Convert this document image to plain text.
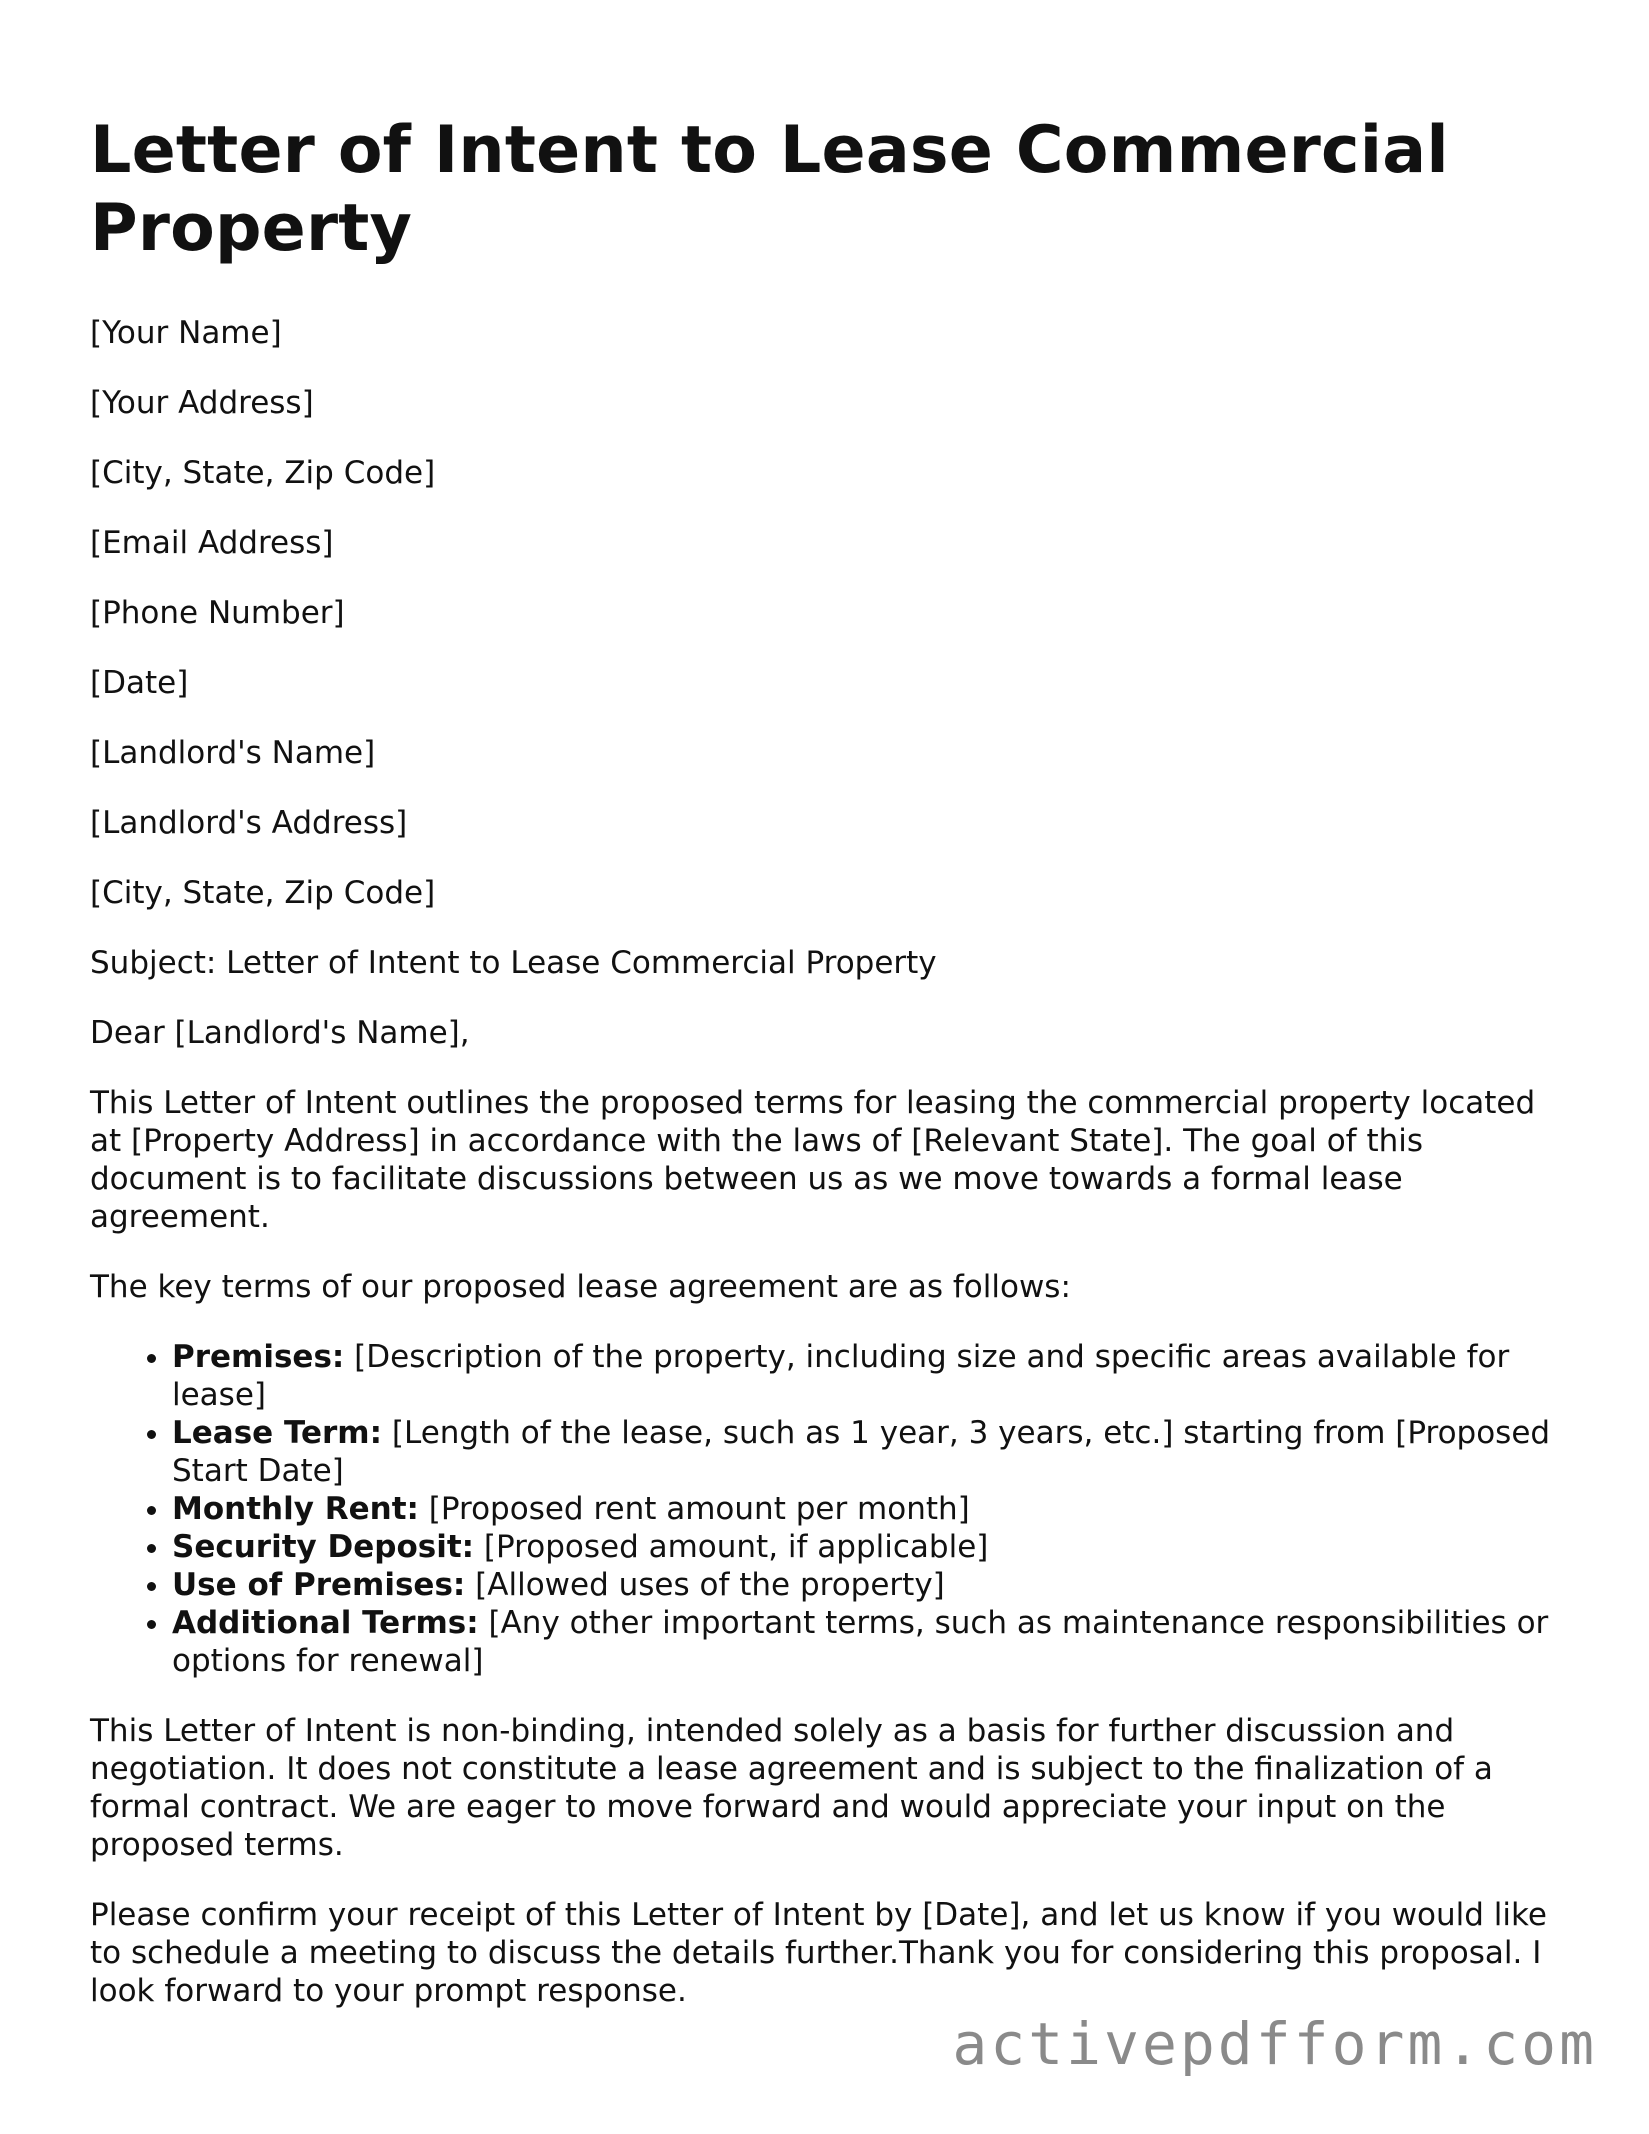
Letter of Intent to Lease Commercial Property
[Your Name]
[Your Address]
[City, State, Zip Code]
[Email Address]
[Phone Number]
[Date]
[Landlord's Name]
[Landlord's Address]
[City, State, Zip Code]
Subject: Letter of Intent to Lease Commercial Property
Dear [Landlord's Name],

This Letter of Intent outlines the proposed terms for leasing the commercial property located at [Property Address] in accordance with the laws of [Relevant State]. The goal of this document is to facilitate discussions between us as we move towards a formal lease agreement.

The key terms of our proposed lease agreement are as follows:

• Premises: [Description of the property, including size and specific areas available for lease]
• Lease Term: [Length of the lease, such as 1 year, 3 years, etc.] starting from [Proposed Start Date]
• Monthly Rent: [Proposed rent amount per month]
• Security Deposit: [Proposed amount, if applicable]
• Use of Premises: [Allowed uses of the property]
• Additional Terms: [Any other important terms, such as maintenance responsibilities or options for renewal]

This Letter of Intent is non-binding, intended solely as a basis for further discussion and negotiation. It does not constitute a lease agreement and is subject to the finalization of a formal contract. We are eager to move forward and would appreciate your input on the proposed terms.

Please confirm your receipt of this Letter of Intent by [Date], and let us know if you would like to schedule a meeting to discuss the details further.Thank you for considering this proposal. I look forward to your prompt response.

activepdfform.com
